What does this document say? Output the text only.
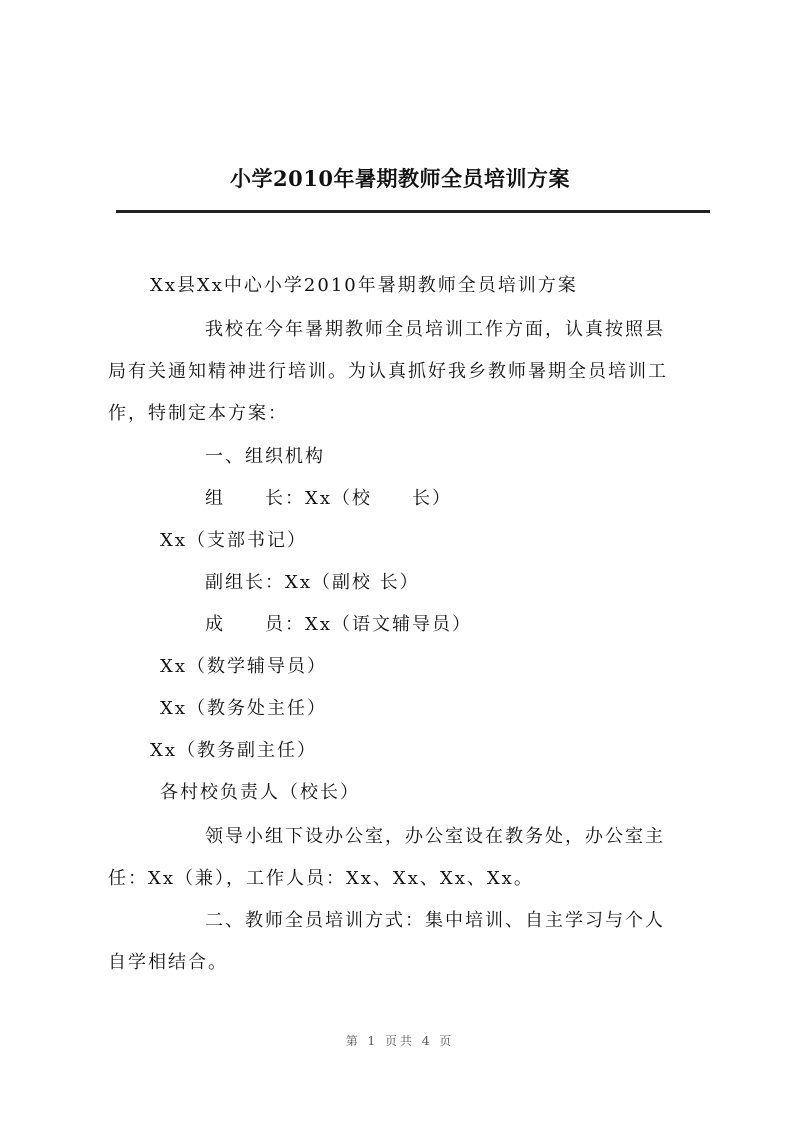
小学2010年暑期教师全员培训方案
Xx县Xx中心小学2010年暑期教师全员培训方案
我校在今年暑期教师全员培训工作方面，认真按照县
局有关通知精神进行培训。为认真抓好我乡教师暑期全员培训工
作，特制定本方案：
一、组织机构
组　　长：Xx（校　　长）
Xx（支部书记）
副组长：Xx（副校 长）
成　　员：Xx（语文辅导员）
Xx（数学辅导员）
Xx（教务处主任）
Xx（教务副主任）
各村校负责人（校长）
领导小组下设办公室，办公室设在教务处，办公室主
任：Xx（兼），工作人员：Xx、Xx、Xx、Xx。
二、教师全员培训方式：集中培训、自主学习与个人
自学相结合。
第 1 页共 4 页
